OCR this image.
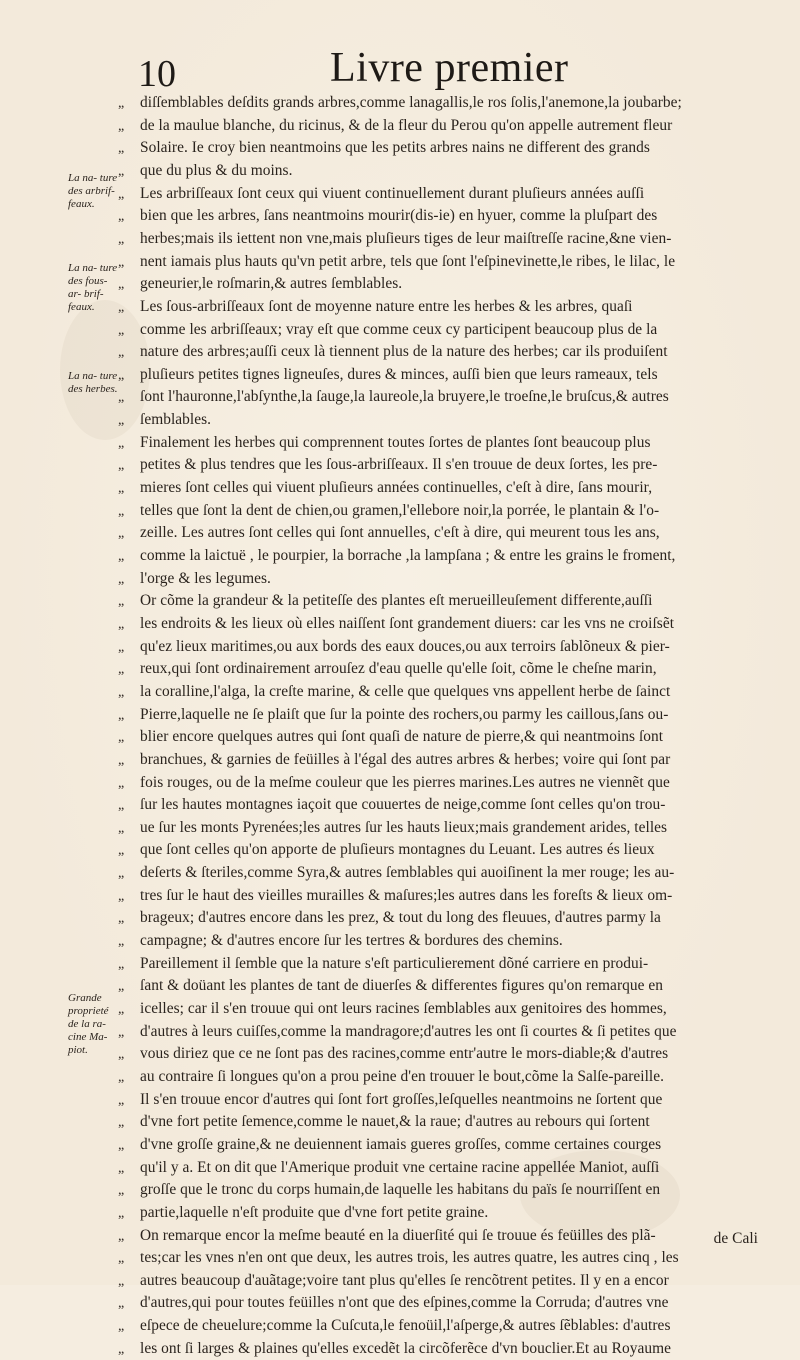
10	Livre premier
La na- ture des arbrif- feaux.
La na- ture des fous-ar- brif- feaux.
La na- ture des herbes.
Grande proprieté de la ra- cine Ma- piot.
„ diſſemblables deſdits grands arbres,comme lanagallis,le ros ſolis,l'anemone,la joubarbe;
„ de la maulue blanche, du ricinus, & de la fleur du Perou qu'on appelle autrement fleur
„ Solaire. Ie croy bien neantmoins que les petits arbres nains ne different des grands
„ que du plus & du moins.
„ Les arbriſſeaux ſont ceux qui viuent continuellement durant pluſieurs années auſſi
„ bien que les arbres, ſans neantmoins mourir(dis-ie) en hyuer, comme la pluſpart des
„ herbes;mais ils iettent non vne,mais pluſieurs tiges de leur maiſtreſſe racine,&ne vien-
„ nent iamais plus hauts qu'vn petit arbre, tels que ſont l'eſpinevinette,le ribes, le lilac, le
„ geneurier,le roſmarin,& autres ſemblables.
„ Les ſous-arbriſſeaux ſont de moyenne nature entre les herbes & les arbres, quaſi
„ comme les arbriſſeaux; vray eſt que comme ceux cy participent beaucoup plus de la
„ nature des arbres;auſſi ceux là tiennent plus de la nature des herbes; car ils produiſent
„ pluſieurs petites tignes ligneuſes, dures & minces, auſſi bien que leurs rameaux, tels
„ ſont l'hauronne,l'abſynthe,la ſauge,la laureole,la bruyere,le troeſne,le bruſcus,& autres
„ ſemblables.
„ Finalement les herbes qui comprennent toutes ſortes de plantes ſont beaucoup plus
„ petites & plus tendres que les ſous-arbriſſeaux. Il s'en trouue de deux ſortes, les pre-
„ mieres ſont celles qui viuent pluſieurs années continuelles, c'eſt à dire, ſans mourir,
„ telles que ſont la dent de chien,ou gramen,l'ellebore noir,la porrée, le plantain & l'o-
„ zeille. Les autres ſont celles qui ſont annuelles, c'eſt à dire, qui meurent tous les ans,
„ comme la laictuë , le pourpier, la borrache ,la lampſana ; & entre les grains le froment,
„ l'orge & les legumes.
„ Or cõme la grandeur & la petiteſſe des plantes eſt merueilleuſement differente,auſſi
„ les endroits & les lieux où elles naiſſent ſont grandement diuers: car les vns ne croiſsẽt
„ qu'ez lieux maritimes,ou aux bords des eaux douces,ou aux terroirs ſablõneux & pier-
„ reux,qui ſont ordinairement arrouſez d'eau quelle qu'elle ſoit, cõme le cheſne marin,
„ la coralline,l'alga, la creſte marine, & celle que quelques vns appellent herbe de ſainct
„ Pierre,laquelle ne ſe plaiſt que ſur la pointe des rochers,ou parmy les caillous,ſans ou-
„ blier encore quelques autres qui ſont quaſi de nature de pierre,& qui neantmoins ſont
„ branchues, & garnies de feüilles à l'égal des autres arbres & herbes; voire qui ſont par
„ fois rouges, ou de la meſme couleur que les pierres marines.Les autres ne viennẽt que
„ ſur les hautes montagnes iaçoit que couuertes de neige,comme ſont celles qu'on trou-
„ ue ſur les monts Pyrenées;les autres ſur les hauts lieux;mais grandement arides, telles
„ que ſont celles qu'on apporte de pluſieurs montagnes du Leuant. Les autres és lieux
„ deſerts & ſteriles,comme Syra,& autres ſemblables qui auoiſinent la mer rouge; les au-
„ tres ſur le haut des vieilles murailles & maſures;les autres dans les foreſts & lieux om-
„ brageux; d'autres encore dans les prez, & tout du long des fleuues, d'autres parmy la
„ campagne; & d'autres encore ſur les tertres & bordures des chemins.
„ Pareillement il ſemble que la nature s'eſt particulierement dõné carriere en produi-
„ ſant & doüant les plantes de tant de diuerſes & differentes figures qu'on remarque en
„ icelles; car il s'en trouue qui ont leurs racines ſemblables aux genitoires des hommes,
„ d'autres à leurs cuiſſes,comme la mandragore;d'autres les ont ſi courtes & ſi petites que
„ vous diriez que ce ne ſont pas des racines,comme entr'autre le mors-diable;& d'autres
„ au contraire ſi longues qu'on a prou peine d'en trouuer le bout,cõme la Salſe-pareille.
„ Il s'en trouue encor d'autres qui ſont fort groſſes,leſquelles neantmoins ne ſortent que
„ d'vne fort petite ſemence,comme le nauet,& la raue; d'autres au rebours qui ſortent
„ d'vne groſſe graine,& ne deuiennent iamais gueres groſſes, comme certaines courges
„ qu'il y a. Et on dit que l'Amerique produit vne certaine racine appellée Maniot, auſſi
„ groſſe que le tronc du corps humain,de laquelle les habitans du païs ſe nourriſſent en
„ partie,laquelle n'eſt produite que d'vne fort petite graine.
„ On remarque encor la meſme beauté en la diuerſité qui ſe trouue és feüilles des plã-
„ tes;car les vnes n'en ont que deux, les autres trois, les autres quatre, les autres cinq , les
„ autres beaucoup d'auãtage;voire tant plus qu'elles ſe rencõtrent petites. Il y en a encor
„ d'autres,qui pour toutes feüilles n'ont que des eſpines,comme la Corruda; d'autres vne
„ eſpece de cheuelure;comme la Cuſcuta,le fenoüil,l'aſperge,& autres ſẽblables: d'autres
„ les ont ſi larges & plaines qu'elles excedẽt la circõferẽce d'vn bouclier.Et au Royaume
de Cali
